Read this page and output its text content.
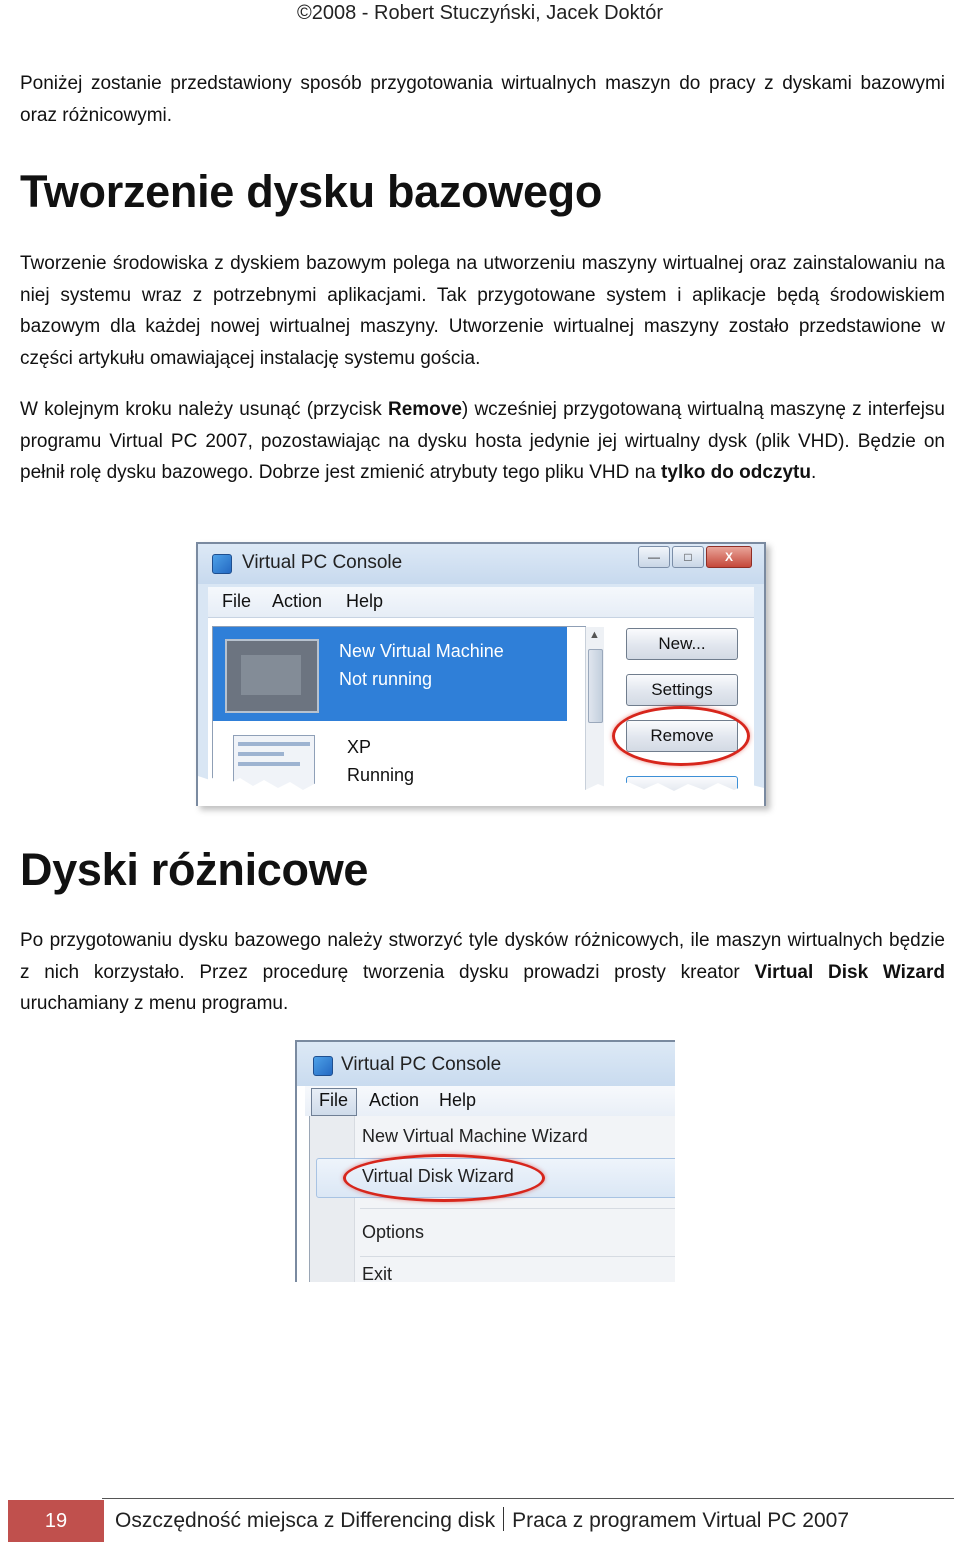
©2008 - Robert Stuczyński, Jacek Doktór
Poniżej zostanie przedstawiony sposób przygotowania wirtualnych maszyn do pracy z dyskami bazowymi oraz różnicowymi.
Tworzenie dysku bazowego
Tworzenie środowiska z dyskiem bazowym polega na utworzeniu maszyny wirtualnej oraz zainstalowaniu na niej systemu wraz z potrzebnymi aplikacjami. Tak przygotowane system i aplikacje będą środowiskiem bazowym dla każdej nowej wirtualnej maszyny. Utworzenie wirtualnej maszyny zostało przedstawione w części artykułu omawiającej instalację systemu gościa.
W kolejnym kroku należy usunąć (przycisk Remove) wcześniej przygotowaną wirtualną maszynę z interfejsu programu Virtual PC 2007, pozostawiając na dysku hosta jedynie jej wirtualny dysk (plik VHD). Będzie on pełnił rolę dysku bazowego. Dobrze jest zmienić atrybuty tego pliku VHD na tylko do odczytu.
Virtual PC Console	—	□	X
File Action Help
New Virtual Machine
Not running
XP
Running
▲	New...
Settings
Remove
Dyski różnicowe
Po przygotowaniu dysku bazowego należy stworzyć tyle dysków różnicowych, ile maszyn wirtualnych będzie z nich korzystało. Przez procedurę tworzenia dysku prowadzi prosty kreator Virtual Disk Wizard uruchamiany z menu programu.
Virtual PC Console
File Action Help
New Virtual Machine Wizard
Virtual Disk Wizard
Options
Exit
19	Oszczędność miejsca z Differencing disk Praca z programem Virtual PC 2007
